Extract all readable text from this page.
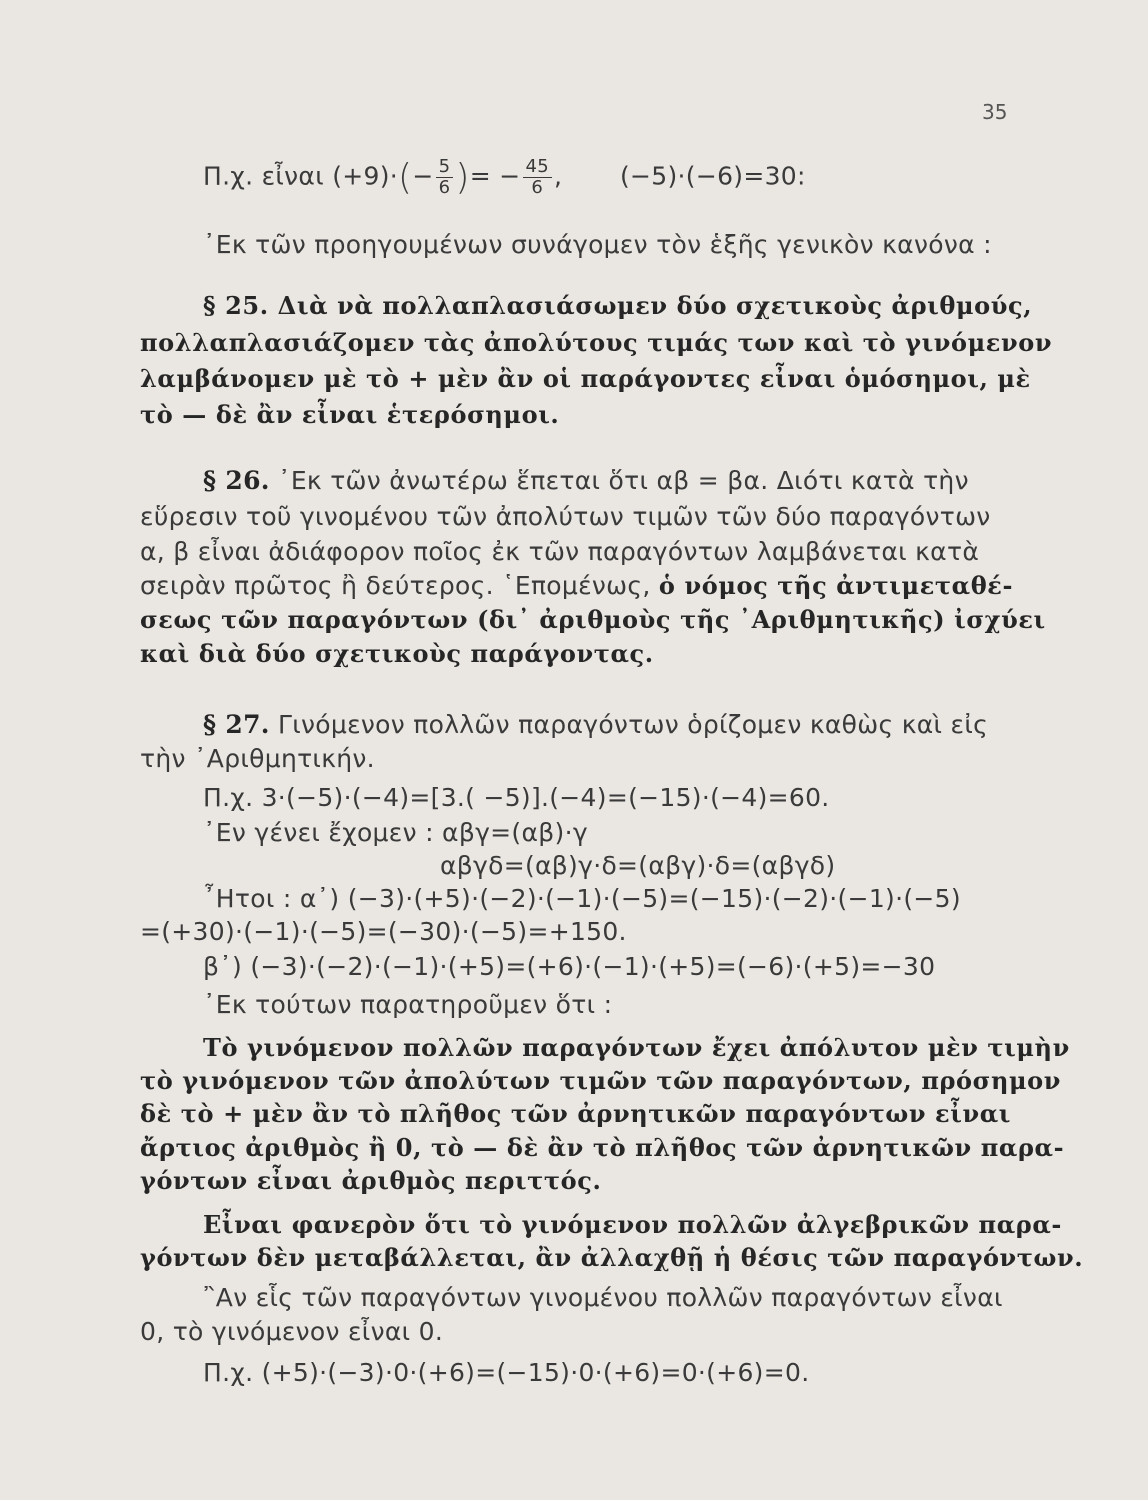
35
Π.χ. εἶναι $(+9)\cdot(- \frac{5}{6}$ )= − $\frac{45}{6}$ ,       (−5)·(−6)=30:
᾿Εκ τῶν προηγουμένων συνάγομεν τὸν ἑξῆς γενικὸν κανόνα :
§ 25. Διὰ νὰ πολλαπλασιάσωμεν δύο σχετικοὺς ἀριθμούς,
πολλαπλασιάζομεν τὰς ἀπολύτους τιμάς των καὶ τὸ γινόμενον
λαμβάνομεν μὲ τὸ + μὲν ἂν οἱ παράγοντες εἶναι ὁμόσημοι, μὲ
τὸ — δὲ ἂν εἶναι ἑτερόσημοι.
§ 26. ᾿Εκ τῶν ἀνωτέρω ἕπεται ὅτι αβ = βα. Διότι κατὰ τὴν
εὕρεσιν τοῦ γινομένου τῶν ἀπολύτων τιμῶν τῶν δύο παραγόντων
α, β εἶναι ἀδιάφορον ποῖος ἐκ τῶν παραγόντων λαμβάνεται κατὰ
σειρὰν πρῶτος ἢ δεύτερος. ῾Επομένως, ὁ νόμος τῆς ἀντιμεταθέ-
σεως τῶν παραγόντων (δι᾿ ἀριθμοὺς τῆς ᾿Αριθμητικῆς) ἰσχύει
καὶ διὰ δύο σχετικοὺς παράγοντας.
§ 27. Γινόμενον πολλῶν παραγόντων ὁρίζομεν καθὼς καὶ εἰς
τὴν ᾿Αριθμητικήν.
Π.χ. 3·(−5)·(−4)=[3.( −5)].(−4)=(−15)·(−4)=60.
᾿Εν γένει ἔχομεν : αβγ=(αβ)·γ
αβγδ=(αβ)γ·δ=(αβγ)·δ=(αβγδ)
῏Ητοι : α᾿) (−3)·(+5)·(−2)·(−1)·(−5)=(−15)·(−2)·(−1)·(−5)
=(+30)·(−1)·(−5)=(−30)·(−5)=+150.
β᾿) (−3)·(−2)·(−1)·(+5)=(+6)·(−1)·(+5)=(−6)·(+5)=−30
᾿Εκ τούτων παρατηροῦμεν ὅτι :
Τὸ γινόμενον πολλῶν παραγόντων ἔχει ἀπόλυτον μὲν τιμὴν
τὸ γινόμενον τῶν ἀπολύτων τιμῶν τῶν παραγόντων, πρόσημον
δὲ τὸ + μὲν ἂν τὸ πλῆθος τῶν ἀρνητικῶν παραγόντων εἶναι
ἄρτιος ἀριθμὸς ἢ 0, τὸ — δὲ ἂν τὸ πλῆθος τῶν ἀρνητικῶν παρα-
γόντων εἶναι ἀριθμὸς περιττός.
Εἶναι φανερὸν ὅτι τὸ γινόμενον πολλῶν ἀλγεβρικῶν παρα-
γόντων δὲν μεταβάλλεται, ἂν ἀλλαχθῇ ἡ θέσις τῶν παραγόντων.
῍Αν εἷς τῶν παραγόντων γινομένου πολλῶν παραγόντων εἶναι
0, τὸ γινόμενον εἶναι 0.
Π.χ. (+5)·(−3)·0·(+6)=(−15)·0·(+6)=0·(+6)=0.
